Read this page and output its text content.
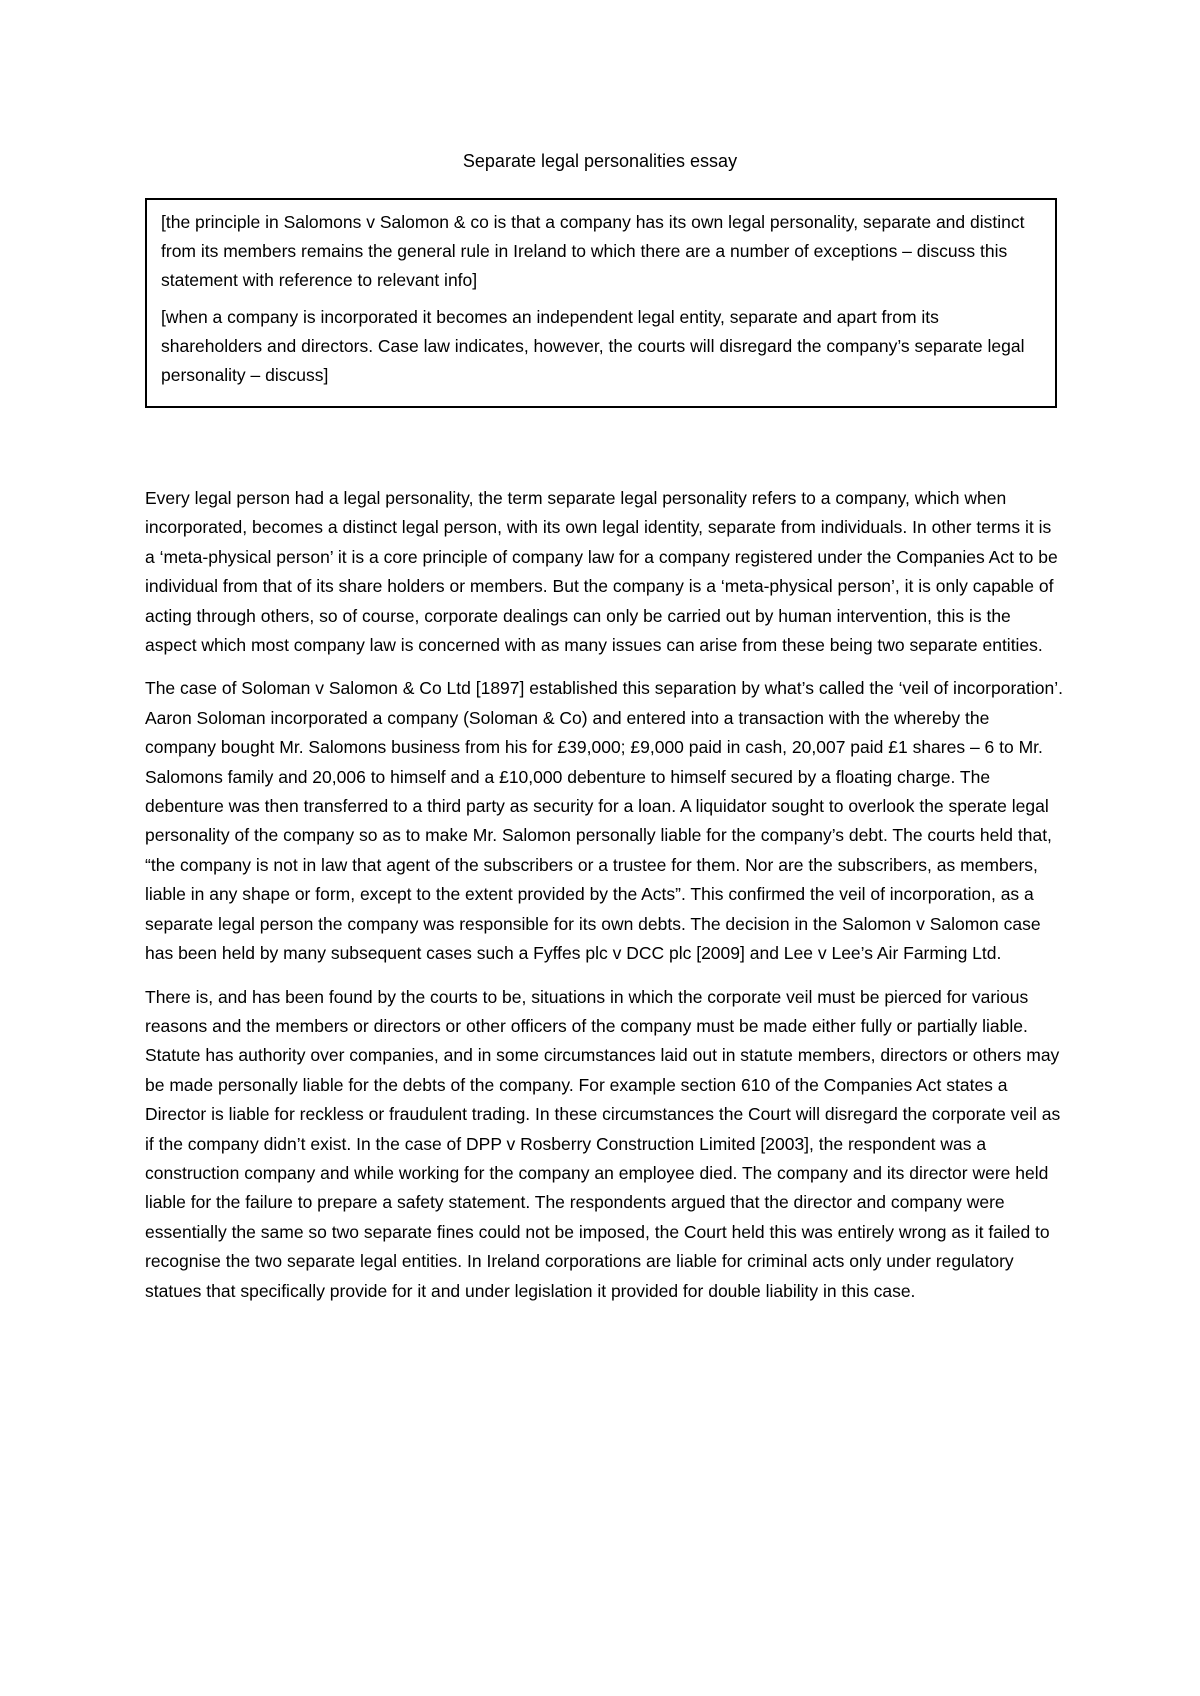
Separate legal personalities essay

[the principle in Salomons v Salomon & co is that a company has its own legal personality, separate and distinct from its members remains the general rule in Ireland to which there are a number of exceptions – discuss this statement with reference to relevant info]

[when a company is incorporated it becomes an independent legal entity, separate and apart from its shareholders and directors. Case law indicates, however, the courts will disregard the company’s separate legal personality – discuss]

Every legal person had a legal personality, the term separate legal personality refers to a company, which when incorporated, becomes a distinct legal person, with its own legal identity, separate from individuals. In other terms it is a ‘meta-physical person’ it is a core principle of company law for a company registered under the Companies Act to be individual from that of its share holders or members. But the company is a ‘meta-physical person’, it is only capable of acting through others, so of course, corporate dealings can only be carried out by human intervention, this is the aspect which most company law is concerned with as many issues can arise from these being two separate entities.

The case of Soloman v Salomon & Co Ltd [1897] established this separation by what’s called the ‘veil of incorporation’. Aaron Soloman incorporated a company (Soloman & Co) and entered into a transaction with the whereby the company bought Mr. Salomons business from his for £39,000; £9,000 paid in cash, 20,007 paid £1 shares – 6 to Mr. Salomons family and 20,006 to himself and a £10,000 debenture to himself secured by a floating charge. The debenture was then transferred to a third party as security for a loan. A liquidator sought to overlook the sperate legal personality of the company so as to make Mr. Salomon personally liable for the company’s debt. The courts held that, “the company is not in law that agent of the subscribers or a trustee for them. Nor are the subscribers, as members, liable in any shape or form, except to the extent provided by the Acts”. This confirmed the veil of incorporation, as a separate legal person the company was responsible for its own debts. The decision in the Salomon v Salomon case has been held by many subsequent cases such a Fyffes plc v DCC plc [2009] and Lee v Lee’s Air Farming Ltd.

There is, and has been found by the courts to be, situations in which the corporate veil must be pierced for various reasons and the members or directors or other officers of the company must be made either fully or partially liable. Statute has authority over companies, and in some circumstances laid out in statute members, directors or others may be made personally liable for the debts of the company. For example section 610 of the Companies Act states a Director is liable for reckless or fraudulent trading. In these circumstances the Court will disregard the corporate veil as if the company didn’t exist. In the case of DPP v Rosberry Construction Limited [2003], the respondent was a construction company and while working for the company an employee died. The company and its director were held liable for the failure to prepare a safety statement. The respondents argued that the director and company were essentially the same so two separate fines could not be imposed, the Court held this was entirely wrong as it failed to recognise the two separate legal entities. In Ireland corporations are liable for criminal acts only under regulatory statues that specifically provide for it and under legislation it provided for double liability in this case.
